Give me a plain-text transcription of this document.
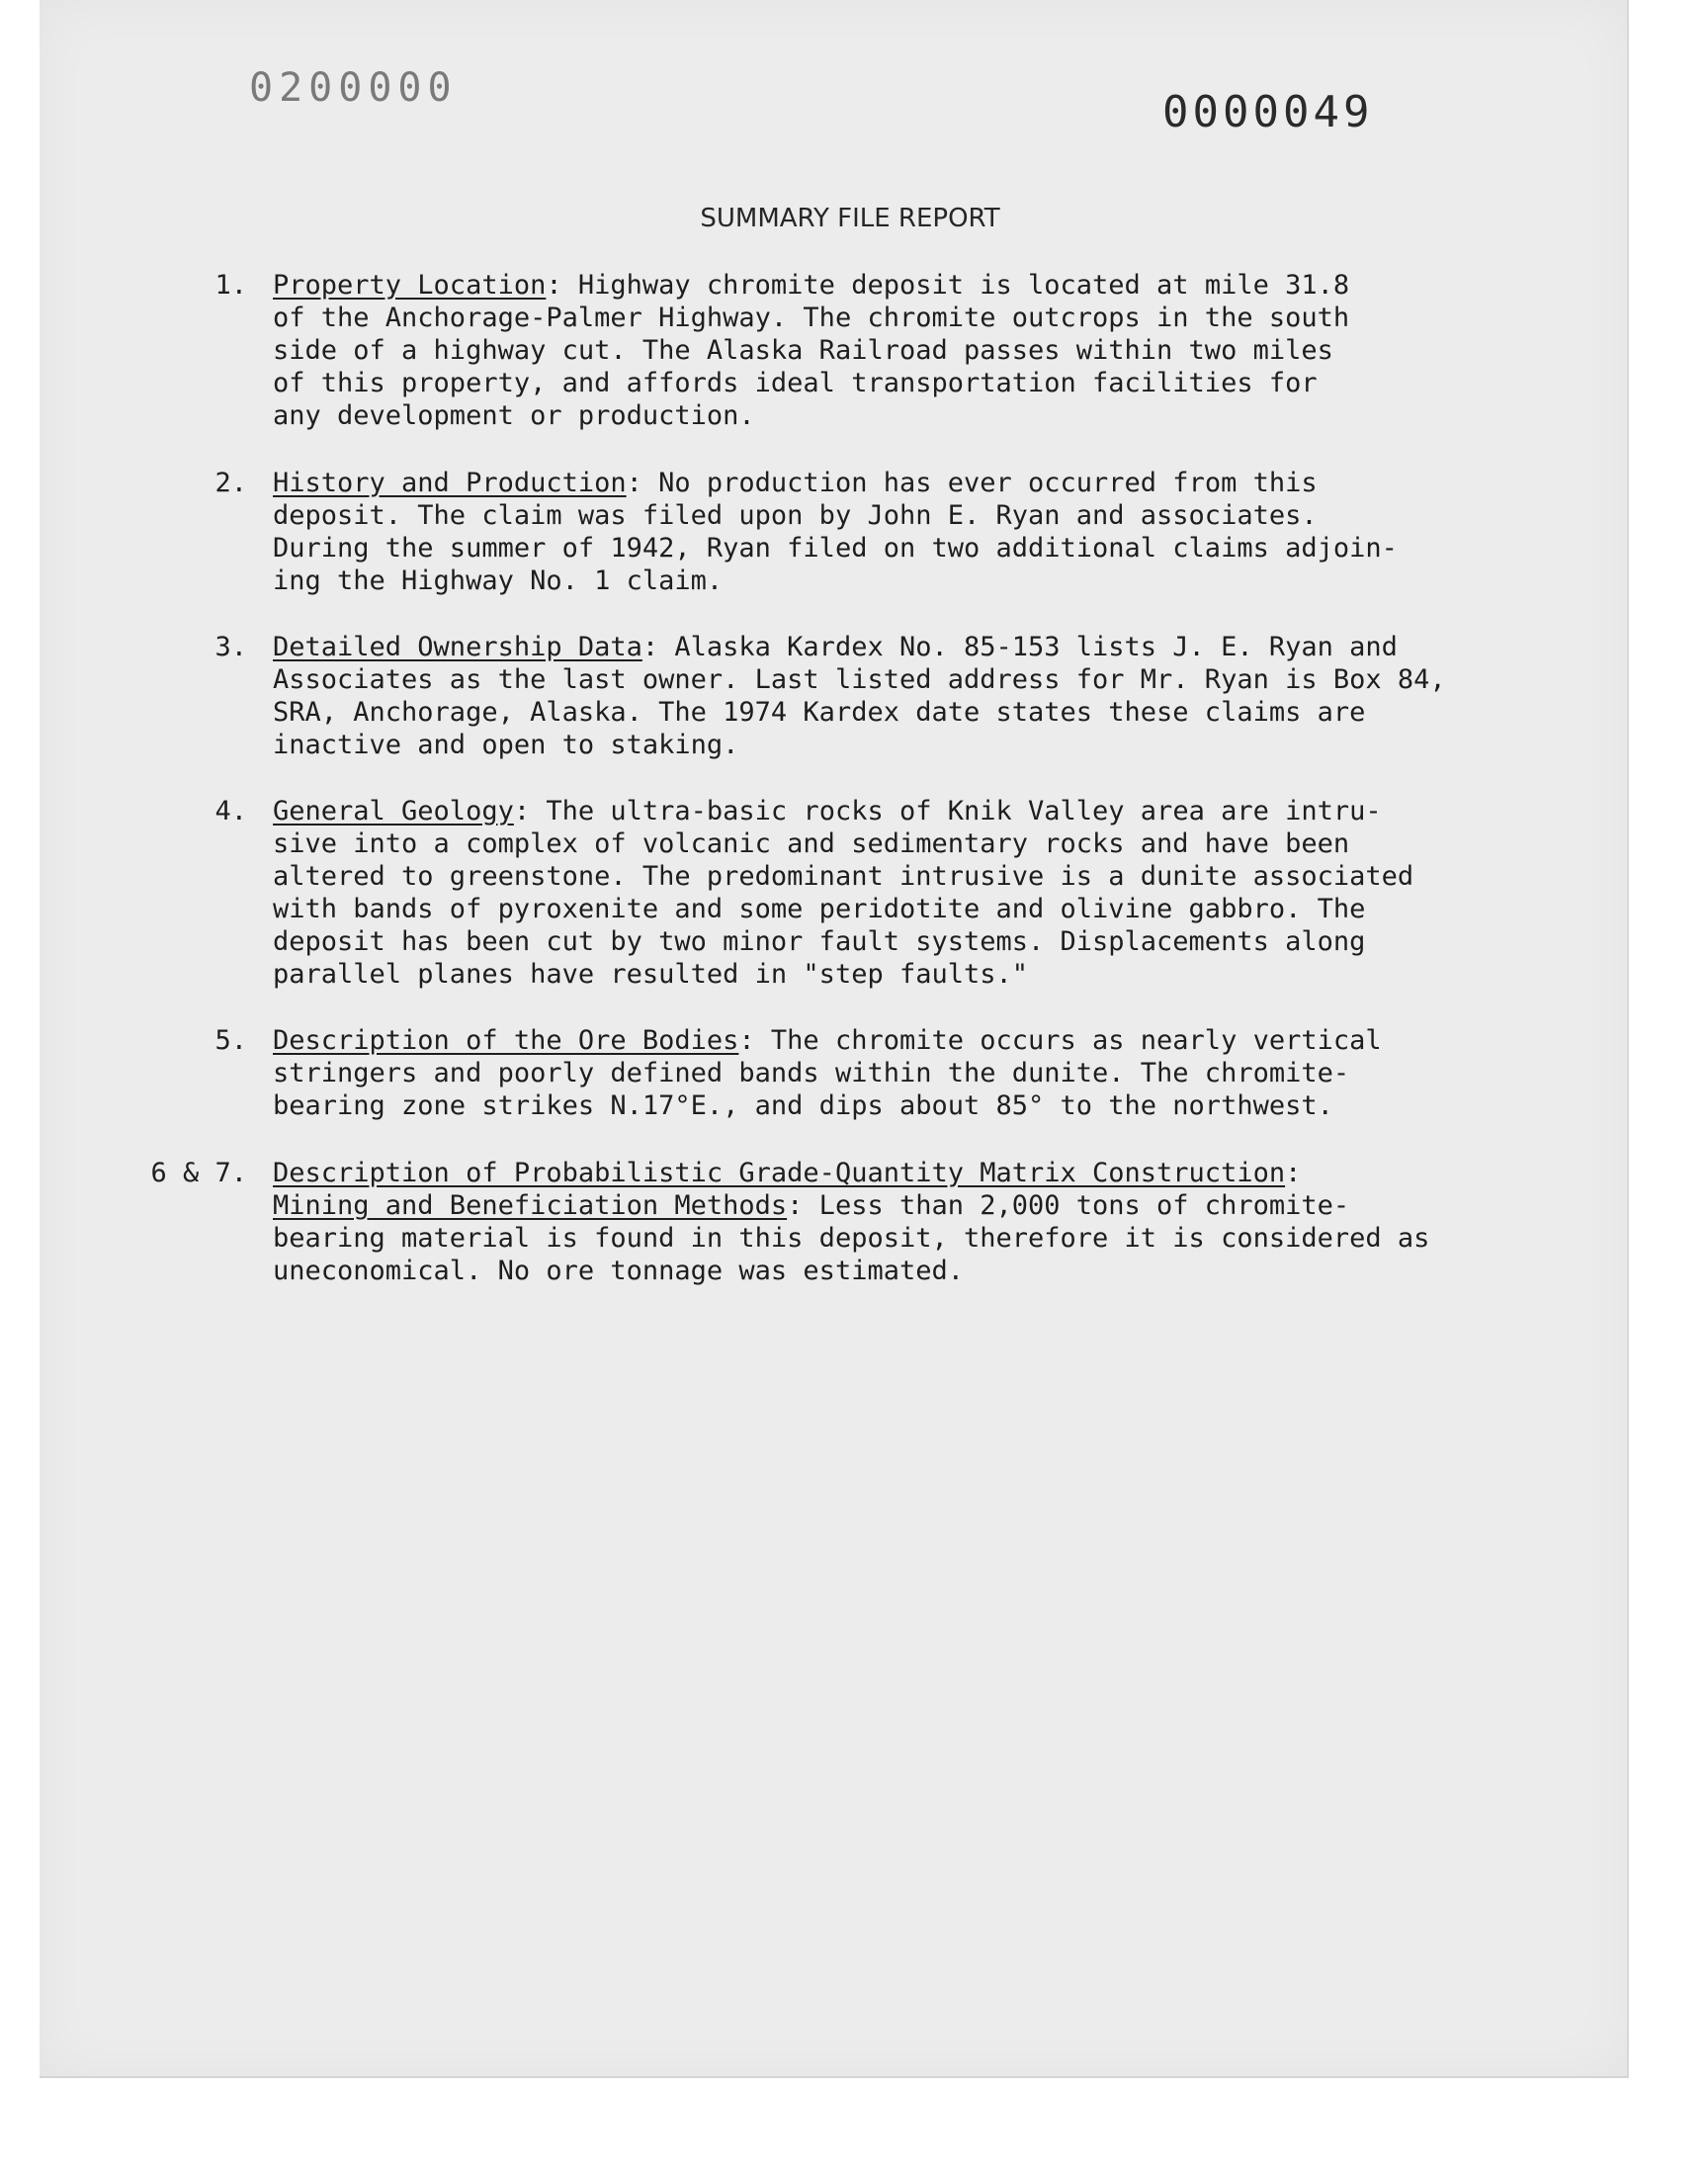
0200000	0000049
SUMMARY FILE REPORT
1. Property Location: Highway chromite deposit is located at mile 31.8
of the Anchorage-Palmer Highway. The chromite outcrops in the south
side of a highway cut. The Alaska Railroad passes within two miles
of this property, and affords ideal transportation facilities for
any development or production.
2. History and Production: No production has ever occurred from this
deposit. The claim was filed upon by John E. Ryan and associates.
During the summer of 1942, Ryan filed on two additional claims adjoin-
ing the Highway No. 1 claim.
3. Detailed Ownership Data: Alaska Kardex No. 85-153 lists J. E. Ryan and
Associates as the last owner. Last listed address for Mr. Ryan is Box 84,
SRA, Anchorage, Alaska. The 1974 Kardex date states these claims are
inactive and open to staking.
4. General Geology: The ultra-basic rocks of Knik Valley area are intru-
sive into a complex of volcanic and sedimentary rocks and have been
altered to greenstone. The predominant intrusive is a dunite associated
with bands of pyroxenite and some peridotite and olivine gabbro. The
deposit has been cut by two minor fault systems. Displacements along
parallel planes have resulted in "step faults."
5. Description of the Ore Bodies: The chromite occurs as nearly vertical
stringers and poorly defined bands within the dunite. The chromite-
bearing zone strikes N.17°E., and dips about 85° to the northwest.
6 & 7. Description of Probabilistic Grade-Quantity Matrix Construction:
Mining and Beneficiation Methods: Less than 2,000 tons of chromite-
bearing material is found in this deposit, therefore it is considered as
uneconomical. No ore tonnage was estimated.
